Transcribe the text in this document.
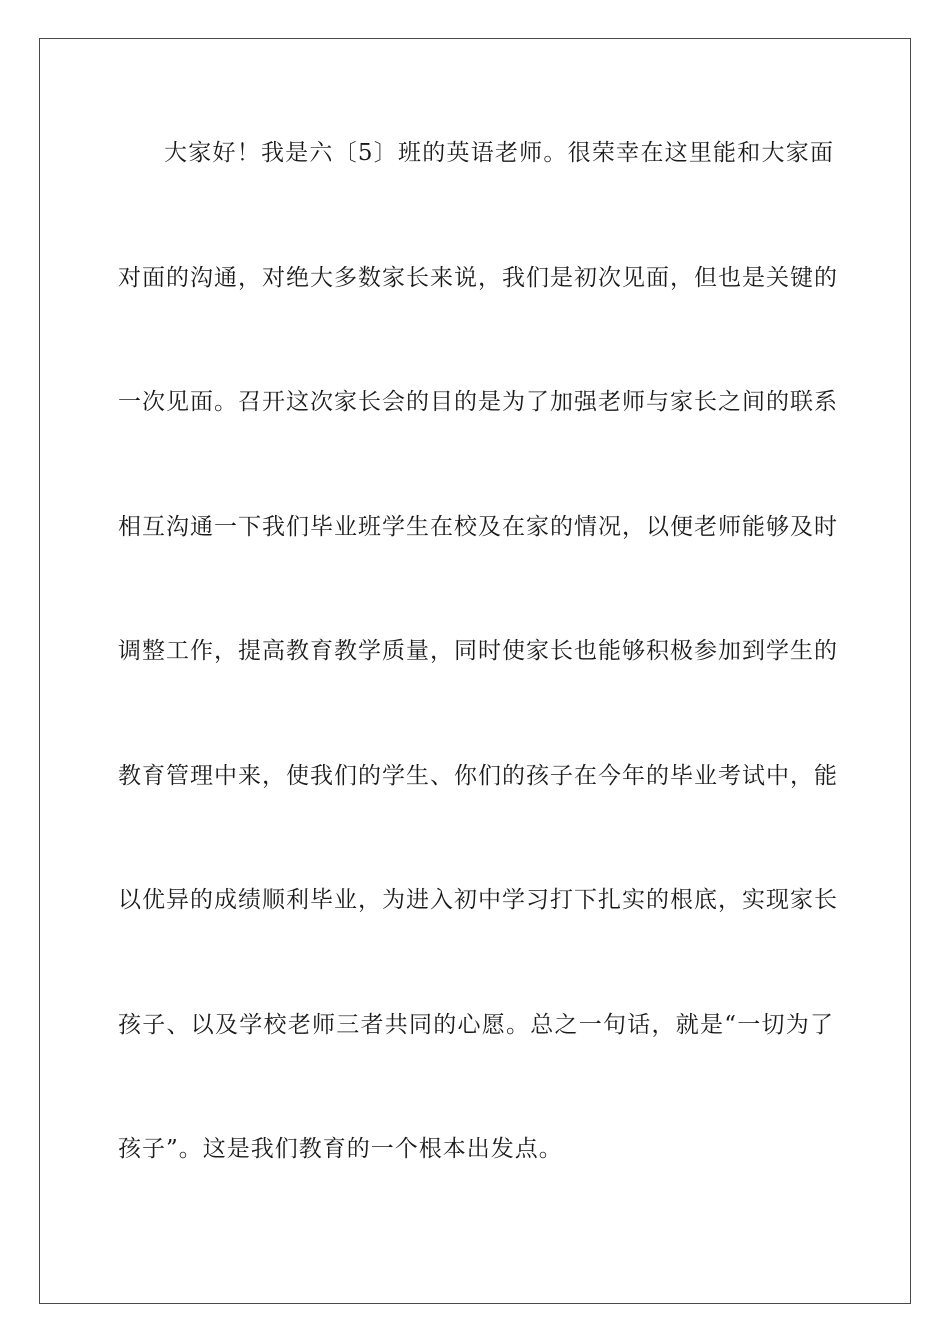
大家好！我是六〔5〕班的英语老师。很荣幸在这里能和大家面
对面的沟通，对绝大多数家长来说，我们是初次见面，但也是关键的
一次见面。召开这次家长会的目的是为了加强老师与家长之间的联系
相互沟通一下我们毕业班学生在校及在家的情况，以便老师能够及时
调整工作，提高教育教学质量，同时使家长也能够积极参加到学生的
教育管理中来，使我们的学生、你们的孩子在今年的毕业考试中，能
以优异的成绩顺利毕业，为进入初中学习打下扎实的根底，实现家长
孩子、以及学校老师三者共同的心愿。总之一句话，就是“一切为了
孩子”。这是我们教育的一个根本出发点。
